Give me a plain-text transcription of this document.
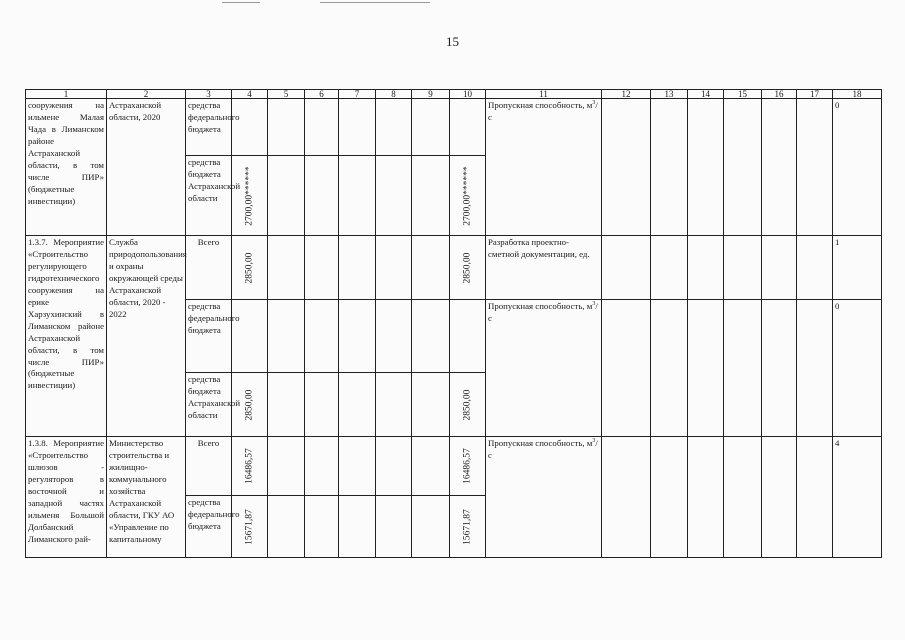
15
1	2	3	4	5	6	7	8	9	10	11	12	13	14	15	16	17	18
сооружения на ильмене Малая Чада в Лиманском районе Астраханской области, в том числе ПИР» (бюджетные инвестиции)	Астраханской области, 2020	средства федерального бюджета								Пропускная способность, $м^3/с$							0
		средства бюджета Астраханской области	2700,00******						2700,00******								

1.3.7. Мероприятие «Строительство регулирующего гидротехнического сооружения на ерике Харзухинский в Лиманском районе Астраханской области, в том числе ПИР» (бюджетные инвестиции)	Служба природопользования и охраны окружающей среды Астраханской области, 2020 - 2022	Всего	2850,00						2850,00	Разработка проектно-сметной документации, ед.							1
		средства федерального бюджета								Пропускная способность, $м^3/с$							0
		средства бюджета Астраханской области	2850,00						2850,00								

1.3.8. Мероприятие «Строительство шлюзов - регуляторов в восточной и западной частях ильменя Большой Долбанский Лиманского рай-	Министерство строительства и жилищно-коммунального хозяйства Астраханской области, ГКУ АО «Управление по капитальному	Всего	16486,57						16486,57	Пропускная способность, $м^3/с$							4
		средства федерального бюджета	15671,87						15671,87								
